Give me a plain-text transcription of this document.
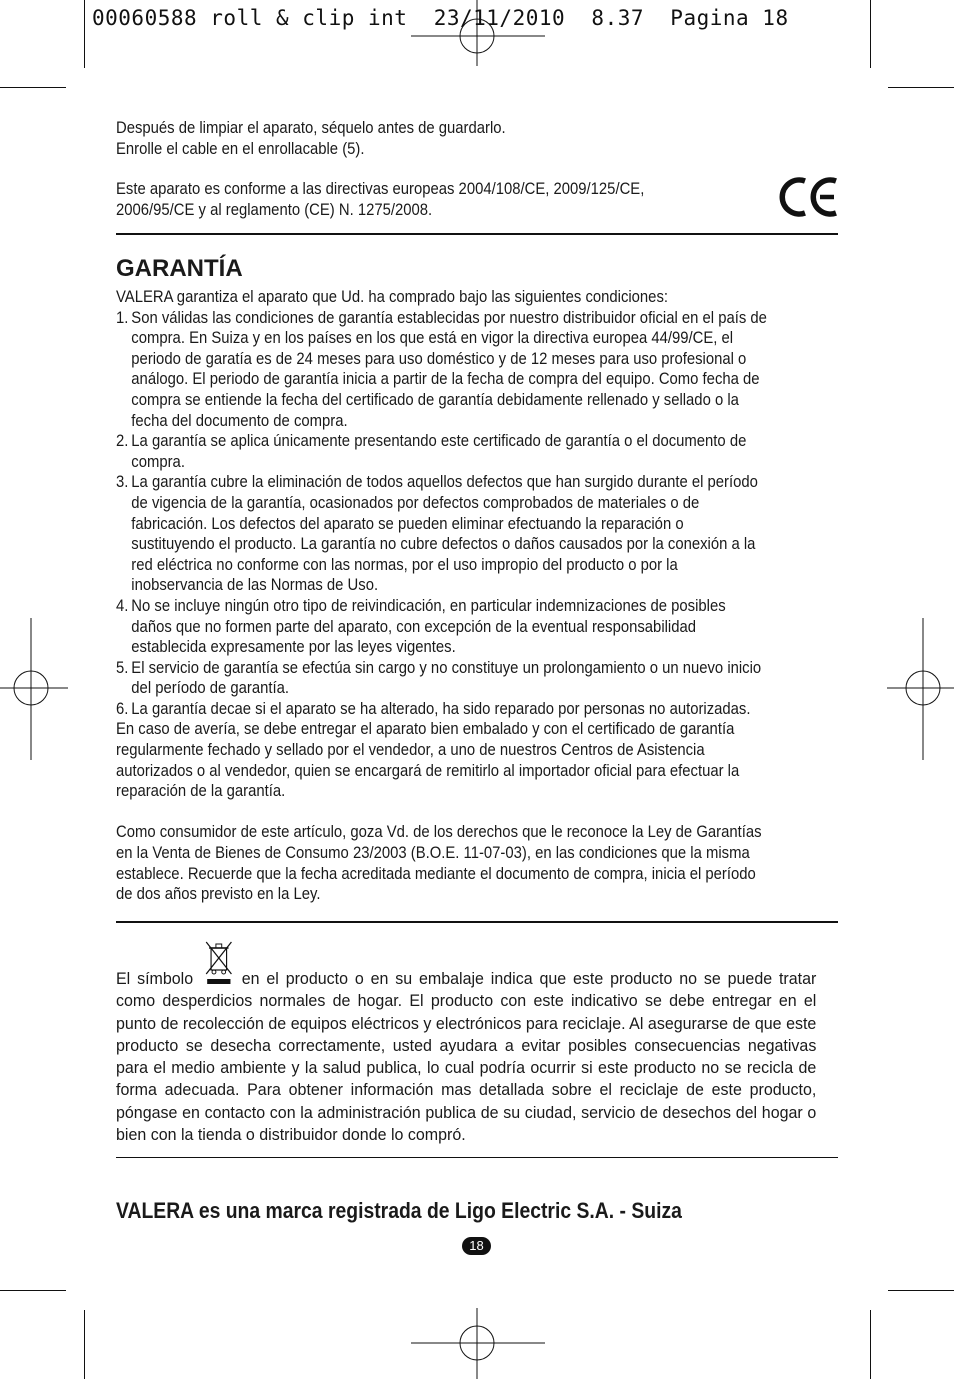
00060588 roll & clip int  23/11/2010  8.37  Pagina 18

Después de limpiar el aparato, séquelo antes de guardarlo.

Enrolle el cable en el enrollacable (5).

Este aparato es conforme a las directivas europeas 2004/108/CE, 2009/125/CE,

2006/95/CE y al reglamento (CE) N. 1275/2008.

GARANTÍA

VALERA garantiza el aparato que Ud. ha comprado bajo las siguientes condiciones:

1. Son válidas las condiciones de garantía establecidas por nuestro distribuidor oficial en el país de compra. En Suiza y en los países en los que está en vigor la directiva europea 44/99/CE, el periodo de garatía es de 24 meses para uso doméstico y de 12 meses para uso profesional o análogo. El periodo de garantía inicia a partir de la fecha de compra del equipo. Como fecha de compra se entiende la fecha del certificado de garantía debidamente rellenado y sellado o la fecha del documento de compra.
2. La garantía se aplica únicamente presentando este certificado de garantía o el documento de compra.
3. La garantía cubre la eliminación de todos aquellos defectos que han surgido durante el período de vigencia de la garantía, ocasionados por defectos comprobados de materiales o de fabricación. Los defectos del aparato se pueden eliminar efectuando la reparación o sustituyendo el producto. La garantía no cubre defectos o daños causados por la conexión a la red eléctrica no conforme con las normas, por el uso impropio del producto o por la inobservancia de las Normas de Uso.
4. No se incluye ningún otro tipo de reivindicación, en particular indemnizaciones de posibles daños que no formen parte del aparato, con excepción de la eventual responsabilidad establecida expresamente por las leyes vigentes.
5. El servicio de garantía se efectúa sin cargo y no constituye un prolongamiento o un nuevo inicio del período de garantía.
6. La garantía decae si el aparato se ha alterado, ha sido reparado por personas no autorizadas.

En caso de avería, se debe entregar el aparato bien embalado y con el certificado de garantía regularmente fechado y sellado por el vendedor, a uno de nuestros Centros de Asistencia autorizados o al vendedor, quien se encargará de remitirlo al importador oficial para efectuar la reparación de la garantía.

Como consumidor de este artículo, goza Vd. de los derechos que le reconoce la Ley de Garantías en la Venta de Bienes de Consumo 23/2003 (B.O.E. 11-07-03), en las condiciones que la misma establece. Recuerde que la fecha acreditada mediante el documento de compra, inicia el período de dos años previsto en la Ley.

El símbolo	en el producto o en su embalaje indica que este producto no se puede tratar como desperdicios normales de hogar. El producto con este indicativo se debe entregar en el punto de recolección de equipos eléctricos y electrónicos para reciclaje. Al asegurarse de que este producto se desecha correctamente, usted ayudara a evitar posibles consecuencias negativas para el medio ambiente y la salud publica, lo cual podría ocurrir si este producto no se recicla de forma adecuada. Para obtener información mas detallada sobre el reciclaje de este producto, póngase en contacto con la administración publica de su ciudad, servicio de desechos del hogar o bien con la tienda o distribuidor donde lo compró.
VALERA es una marca registrada de Ligo Electric S.A. - Suiza
18
